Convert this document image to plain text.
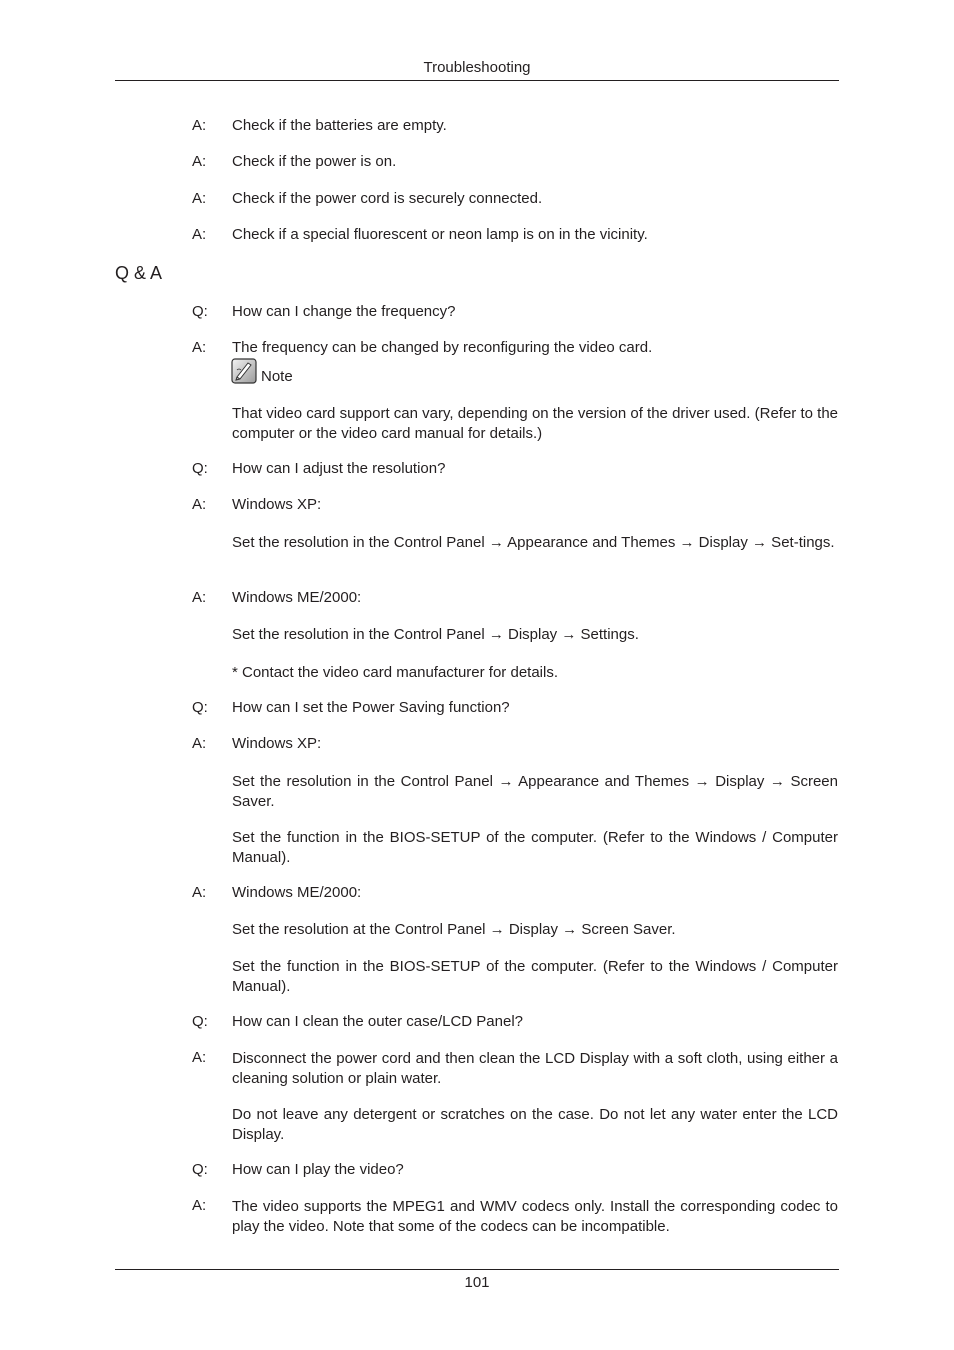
Troubleshooting
A: Check if the batteries are empty.
A: Check if the power is on.
A: Check if the power cord is securely connected.
A: Check if a special fluorescent or neon lamp is on in the vicinity.
Q & A
Q: How can I change the frequency?
A: The frequency can be changed by reconfiguring the video card.
Note
That video card support can vary, depending on the version of the driver used. (Refer to the computer or the video card manual for details.)
Q: How can I adjust the resolution?
A: Windows XP:
Set the resolution in the Control Panel → Appearance and Themes → Display → Set-tings.
A: Windows ME/2000:
Set the resolution in the Control Panel → Display → Settings.
* Contact the video card manufacturer for details.
Q: How can I set the Power Saving function?
A: Windows XP:
Set the resolution in the Control Panel → Appearance and Themes → Display → Screen Saver.
Set the function in the BIOS-SETUP of the computer. (Refer to the Windows / Computer Manual).
A: Windows ME/2000:
Set the resolution at the Control Panel → Display → Screen Saver.
Set the function in the BIOS-SETUP of the computer. (Refer to the Windows / Computer Manual).
Q: How can I clean the outer case/LCD Panel?
A: Disconnect the power cord and then clean the LCD Display with a soft cloth, using either a cleaning solution or plain water.
Do not leave any detergent or scratches on the case. Do not let any water enter the LCD Display.
Q: How can I play the video?
A: The video supports the MPEG1 and WMV codecs only. Install the corresponding codec to play the video. Note that some of the codecs can be incompatible.
101
